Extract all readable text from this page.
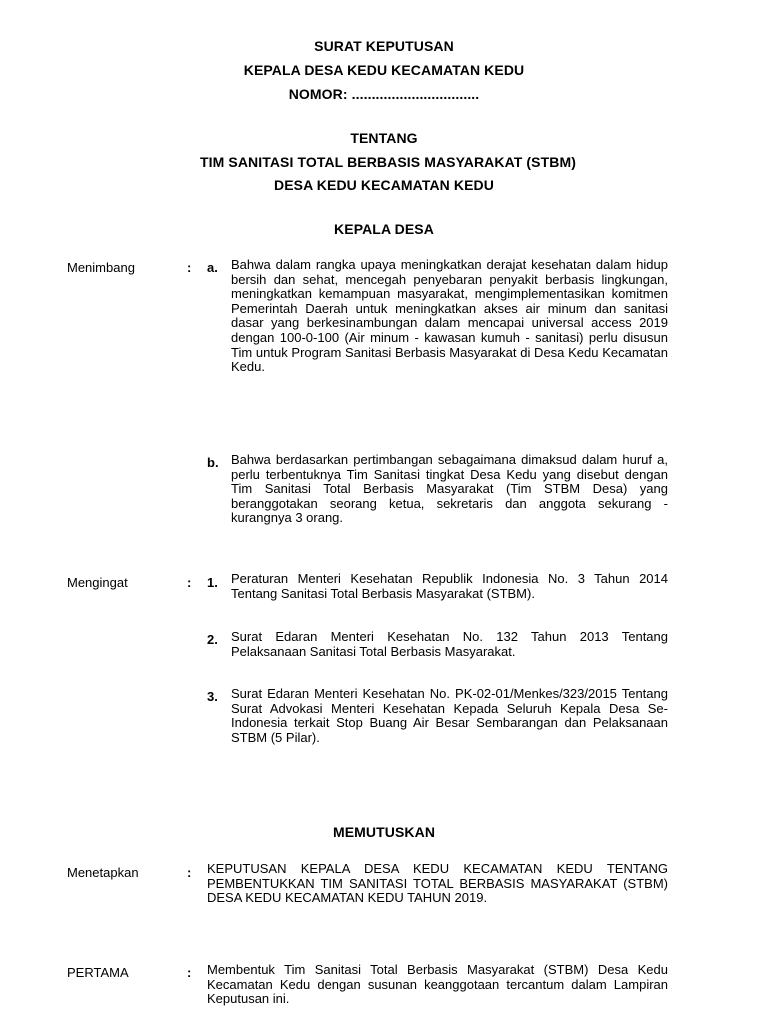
SURAT KEPUTUSAN
KEPALA DESA KEDU KECAMATAN KEDU
NOMOR: ................................
TENTANG
TIM SANITASI TOTAL BERBASIS MASYARAKAT (STBM)
DESA KEDU KECAMATAN KEDU
KEPALA DESA
Menimbang	: a. Bahwa dalam rangka upaya meningkatkan derajat kesehatan dalam hidup bersih dan sehat, mencegah penyebaran penyakit berbasis lingkungan, meningkatkan kemampuan masyarakat, mengimplementasikan komitmen Pemerintah Daerah untuk meningkatkan akses air minum dan sanitasi dasar yang berkesinambungan dalam mencapai universal access 2019 dengan 100-0-100 (Air minum - kawasan kumuh - sanitasi) perlu disusun Tim untuk Program Sanitasi Berbasis Masyarakat di Desa Kedu Kecamatan Kedu.
b. Bahwa berdasarkan pertimbangan sebagaimana dimaksud dalam huruf a, perlu terbentuknya Tim Sanitasi tingkat Desa Kedu yang disebut dengan Tim Sanitasi Total Berbasis Masyarakat (Tim STBM Desa) yang beranggotakan seorang ketua, sekretaris dan anggota sekurang - kurangnya 3 orang.
Mengingat	: 1. Peraturan Menteri Kesehatan Republik Indonesia No. 3 Tahun 2014 Tentang Sanitasi Total Berbasis Masyarakat (STBM).
2. Surat Edaran Menteri Kesehatan No. 132 Tahun 2013 Tentang Pelaksanaan Sanitasi Total Berbasis Masyarakat.
3. Surat Edaran Menteri Kesehatan No. PK-02-01/Menkes/323/2015 Tentang Surat Advokasi Menteri Kesehatan Kepada Seluruh Kepala Desa Se-Indonesia terkait Stop Buang Air Besar Sembarangan dan Pelaksanaan STBM (5 Pilar).
MEMUTUSKAN
Menetapkan	: KEPUTUSAN KEPALA DESA KEDU KECAMATAN KEDU TENTANG PEMBENTUKKAN TIM SANITASI TOTAL BERBASIS MASYARAKAT (STBM) DESA KEDU KECAMATAN KEDU TAHUN 2019.
PERTAMA	: Membentuk Tim Sanitasi Total Berbasis Masyarakat (STBM) Desa Kedu Kecamatan Kedu dengan susunan keanggotaan tercantum dalam Lampiran Keputusan ini.
